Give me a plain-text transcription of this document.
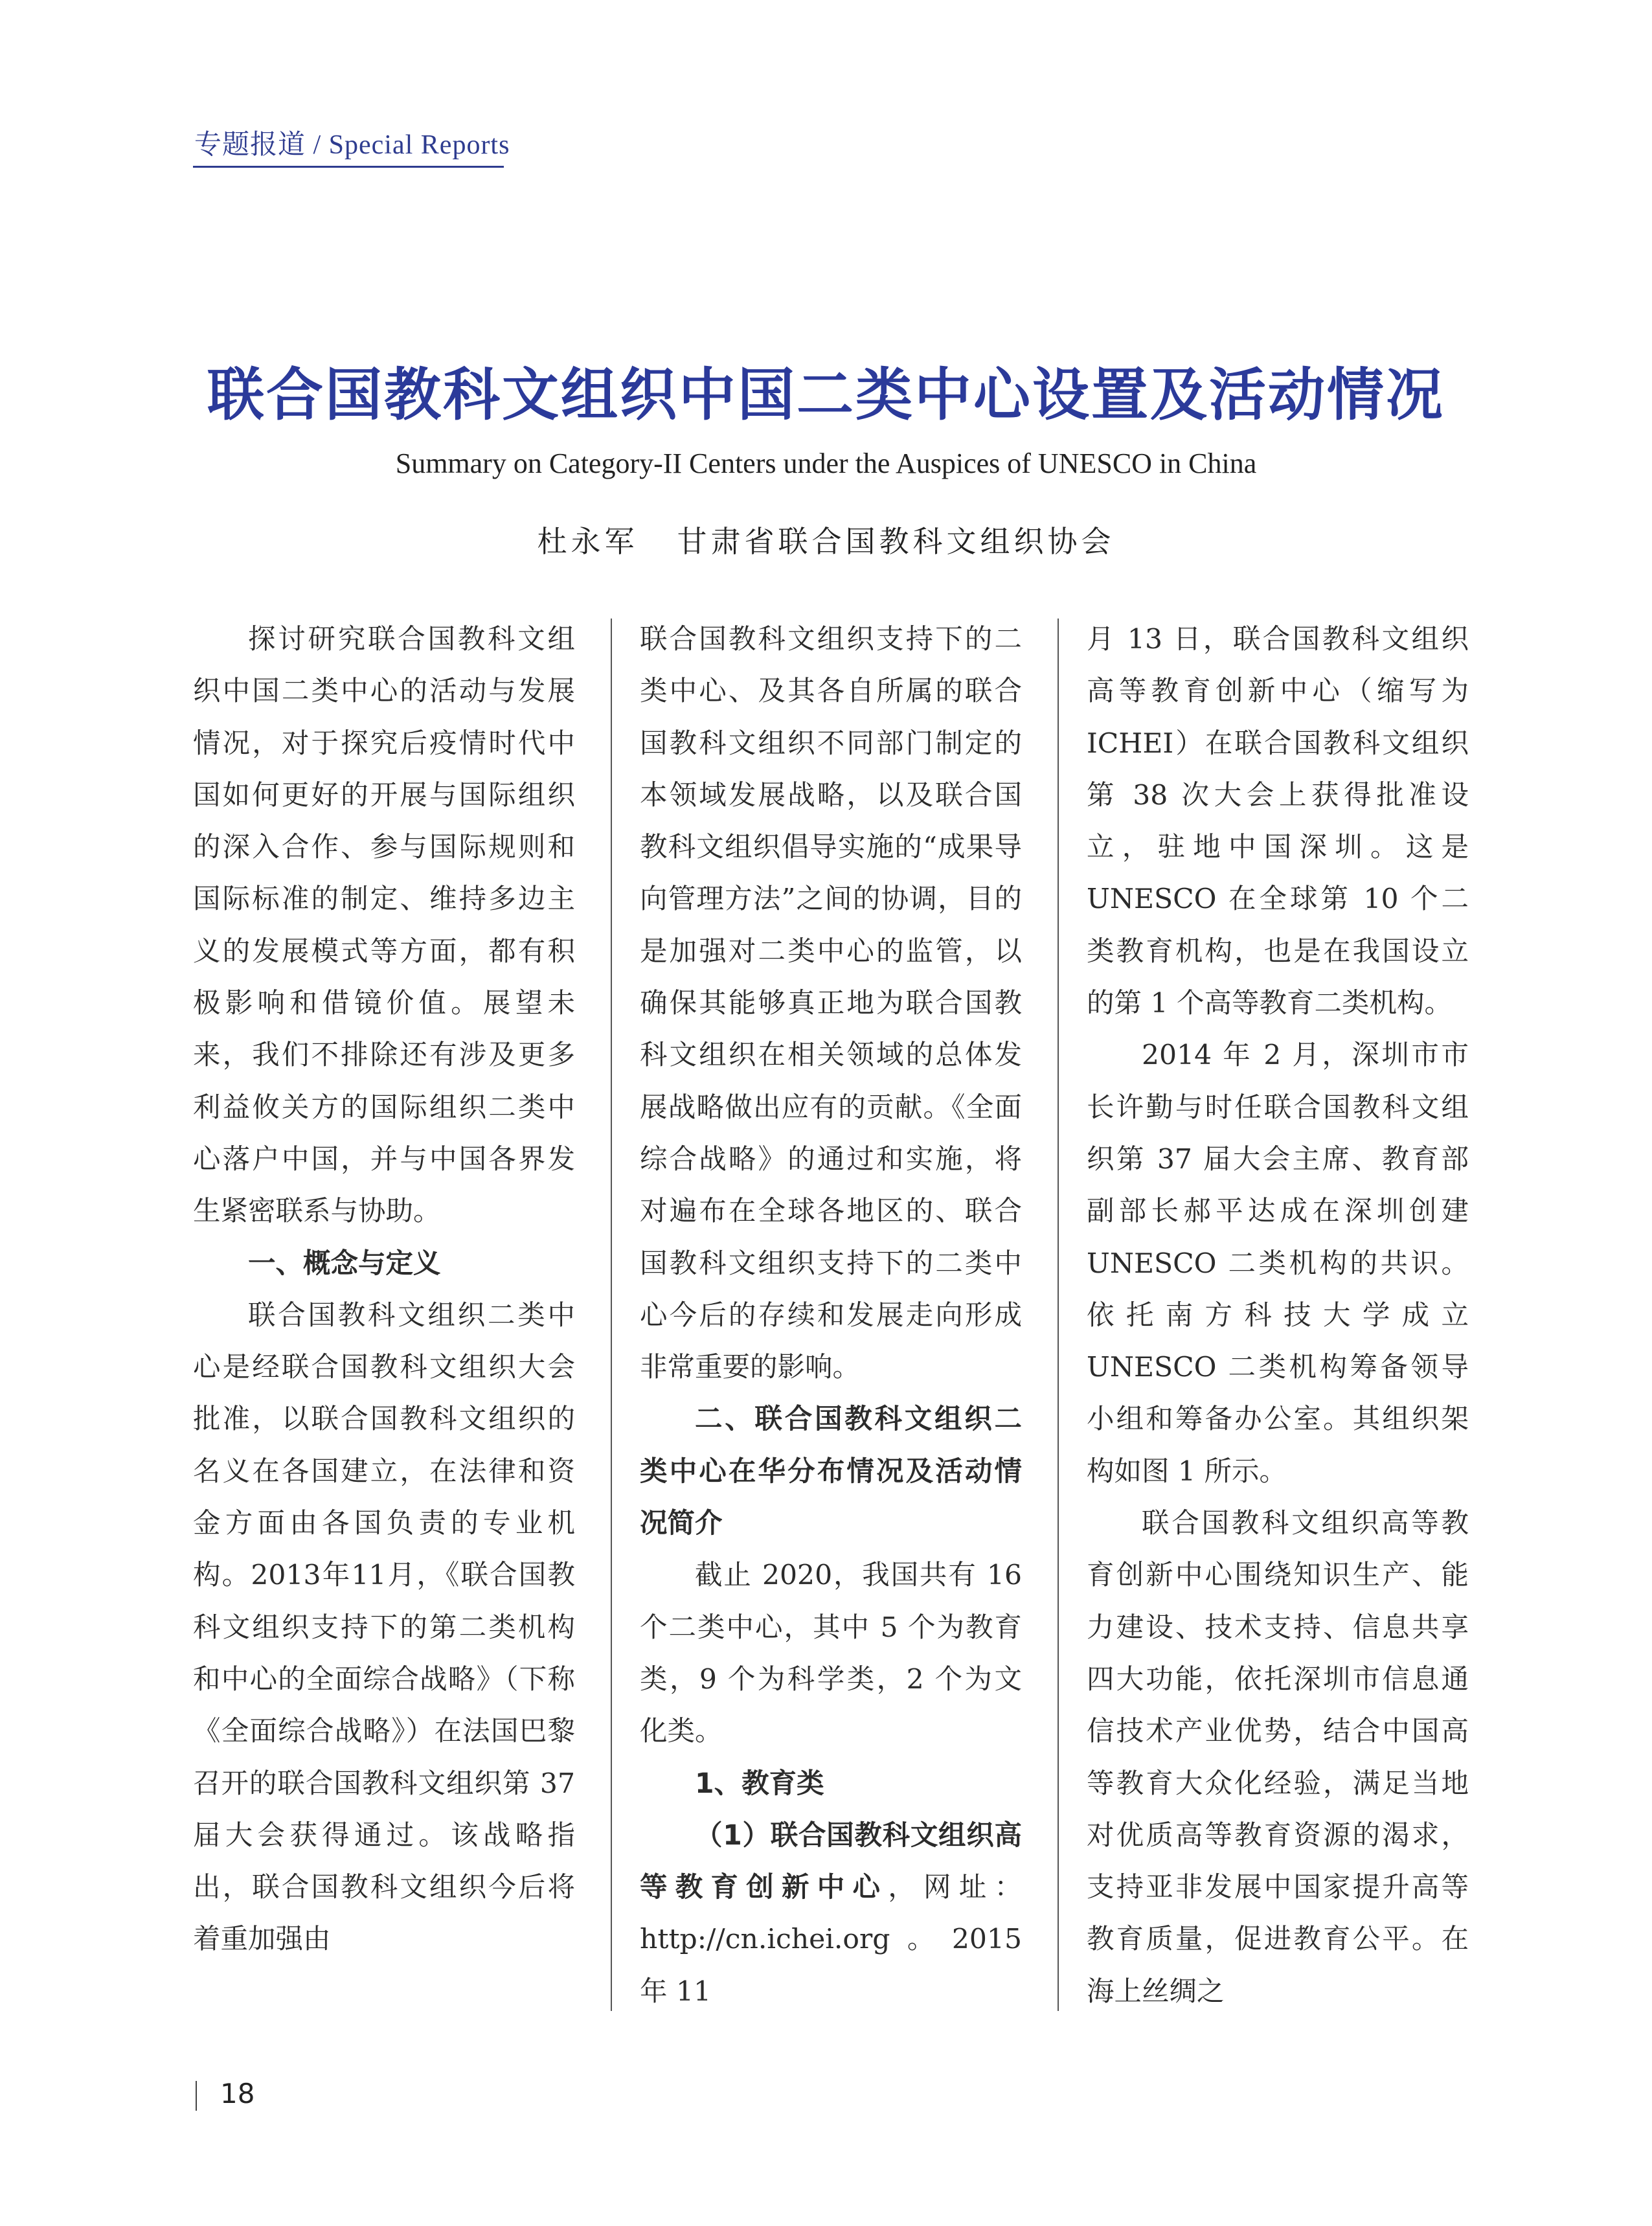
专题报道 / Special Reports
联合国教科文组织中国二类中心设置及活动情况
Summary on Category-II Centers under the Auspices of UNESCO in China
杜永军 甘肃省联合国教科文组织协会

探讨研究联合国教科文组织中国二类中心的活动与发展情况，对于探究后疫情时代中国如何更好的开展与国际组织的深入合作、参与国际规则和国际标准的制定、维持多边主义的发展模式等方面，都有积极影响和借镜价值。展望未来，我们不排除还有涉及更多利益攸关方的国际组织二类中心落户中国，并与中国各界发生紧密联系与协助。

一、概念与定义

联合国教科文组织二类中心是经联合国教科文组织大会批准，以联合国教科文组织的名义在各国建立，在法律和资金方面由各国负责的专业机构。2013年11月，《联合国教科文组织支持下的第二类机构和中心的全面综合战略》（下称《全面综合战略》）在法国巴黎召开的联合国教科文组织第 37 届大会获得通过。该战略指出，联合国教科文组织今后将着重加强由

联合国教科文组织支持下的二类中心、及其各自所属的联合国教科文组织不同部门制定的本领域发展战略，以及联合国教科文组织倡导实施的“成果导向管理方法”之间的协调，目的是加强对二类中心的监管，以确保其能够真正地为联合国教科文组织在相关领域的总体发展战略做出应有的贡献。《全面综合战略》的通过和实施，将对遍布在全球各地区的、联合国教科文组织支持下的二类中心今后的存续和发展走向形成非常重要的影响。

二、联合国教科文组织二类中心在华分布情况及活动情况简介

截止 2020，我国共有 16 个二类中心，其中 5 个为教育类，9 个为科学类，2 个为文化类。

1、教育类

（1）联合国教科文组织高等教育创新中心，网址：http://cn.ichei.org。2015 年 11

月 13 日，联合国教科文组织高等教育创新中心（缩写为 ICHEI）在联合国教科文组织第 38 次大会上获得批准设立，驻地中国深圳。这是 UNESCO 在全球第 10 个二类教育机构，也是在我国设立的第 1 个高等教育二类机构。

2014 年 2 月，深圳市市长许勤与时任联合国教科文组织第 37 届大会主席、教育部副部长郝平达成在深圳创建 UNESCO 二类机构的共识。依托南方科技大学成立 UNESCO 二类机构筹备领导小组和筹备办公室。其组织架构如图 1 所示。

联合国教科文组织高等教育创新中心围绕知识生产、能力建设、技术支持、信息共享四大功能，依托深圳市信息通信技术产业优势，结合中国高等教育大众化经验，满足当地对优质高等教育资源的渴求，支持亚非发展中国家提升高等教育质量，促进教育公平。在海上丝绸之

18
